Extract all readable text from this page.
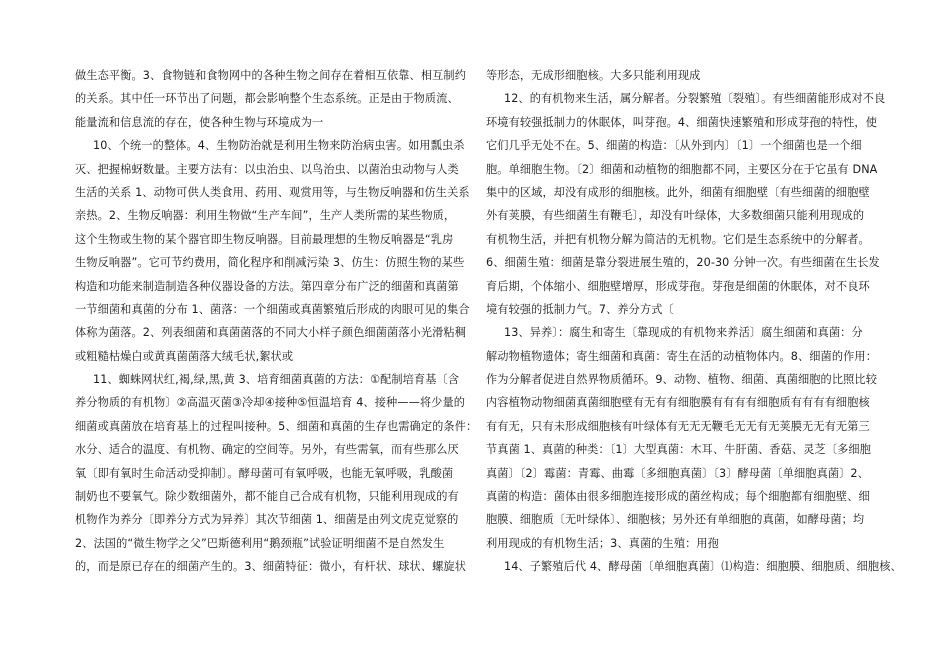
做生态平衡。3、食物链和食物网中的各种生物之间存在着相互依靠、相互制约
的关系。其中任一环节出了问题，都会影响整个生态系统。正是由于物质流、
能量流和信息流的存在，使各种生物与环境成为一
10、个统一的整体。4、生物防治就是利用生物来防治病虫害。如用瓢虫杀
灭、把握棉蚜数量。主要方法有：以虫治虫、以鸟治虫、以菌治虫动物与人类
生活的关系 1、动物可供人类食用、药用、观赏用等，与生物反响器和仿生关系
亲热。2、生物反响器：利用生物做“生产车间”，生产人类所需的某些物质，
这个生物或生物的某个器官即生物反响器。目前最理想的生物反响器是“乳房
生物反响器”。它可节约费用，简化程序和削减污染 3、仿生：仿照生物的某些
构造和功能来制造制造各种仪器设备的方法。第四章分布广泛的细菌和真菌第
一节细菌和真菌的分布 1、菌落：一个细菌或真菌繁殖后形成的肉眼可见的集合
体称为菌落。2、列表细菌和真菌菌落的不同大小样子颜色细菌菌落小光滑粘稠
或粗糙枯燥白或黄真菌菌落大绒毛状,絮状或
11、蜘蛛网状红,褐,绿,黑,黄 3、培育细菌真菌的方法：①配制培育基〔含
养分物质的有机物〕②高温灭菌③冷却④接种⑤恒温培育 4、接种——将少量的
细菌或真菌放在培育基上的过程叫接种。5、细菌和真菌的生存也需确定的条件：
水分、适合的温度、有机物、确定的空间等。另外，有些需氧，而有些那么厌
氧〔即有氧时生命活动受抑制〕。酵母菌可有氧呼吸，也能无氧呼吸，乳酸菌
制奶也不要氧气。除少数细菌外，都不能自己合成有机物，只能利用现成的有
机物作为养分〔即养分方式为异养〕其次节细菌 1、细菌是由列文虎克觉察的
2、法国的“微生物学之父”巴斯德利用“鹅颈瓶”试验证明细菌不是自然发生
的，而是原已存在的细菌产生的。3、细菌特征：微小，有杆状、球状、螺旋状
等形态，无成形细胞核。大多只能利用现成
12、的有机物来生活，属分解者。分裂繁殖〔裂殖〕。有些细菌能形成对不良
环境有较强抵制力的休眠体，叫芽孢。4、细菌快速繁殖和形成芽孢的特性，使
它们几乎无处不在。5、细菌的构造：〔从外到内〕〔1〕一个细菌也是一个细
胞。单细胞生物。〔2〕细菌和动植物的细胞都不同，主要区分在于它虽有 DNA
集中的区域，却没有成形的细胞核。此外，细菌有细胞壁〔有些细菌的细胞壁
外有荚膜，有些细菌生有鞭毛〕，却没有叶绿体，大多数细菌只能利用现成的
有机物生活，并把有机物分解为简洁的无机物。它们是生态系统中的分解者。
6、细菌生殖：细菌是靠分裂进展生殖的，20-30 分钟一次。有些细菌在生长发
育后期，个体缩小、细胞壁增厚，形成芽孢。芽孢是细菌的休眠体，对不良环
境有较强的抵制力气。7、养分方式〔
13、异养〕：腐生和寄生〔靠现成的有机物来养活〕腐生细菌和真菌：分
解动物植物遗体；寄生细菌和真菌：寄生在活的动植物体内。8、细菌的作用：
作为分解者促进自然界物质循环。9、动物、植物、细菌、真菌细胞的比照比较
内容植物动物细菌真菌细胞壁有无有有细胞膜有有有有细胞质有有有有细胞核
有有无，只有未形成细胞核有叶绿体有无无无鞭毛无无有无荚膜无无有无第三
节真菌 1、真菌的种类：〔1〕大型真菌：木耳、牛肝菌、香菇、灵芝〔多细胞
真菌〕〔2〕霉菌：青霉、曲霉〔多细胞真菌〕〔3〕酵母菌〔单细胞真菌〕2、
真菌的构造：菌体由很多细胞连接形成的菌丝构成；每个细胞都有细胞壁、细
胞膜、细胞质〔无叶绿体〕、细胞核；另外还有单细胞的真菌，如酵母菌；均
利用现成的有机物生活；3、真菌的生殖：用孢
14、子繁殖后代 4、酵母菌〔单细胞真菌〕⑴构造：细胞膜、细胞质、细胞核、
